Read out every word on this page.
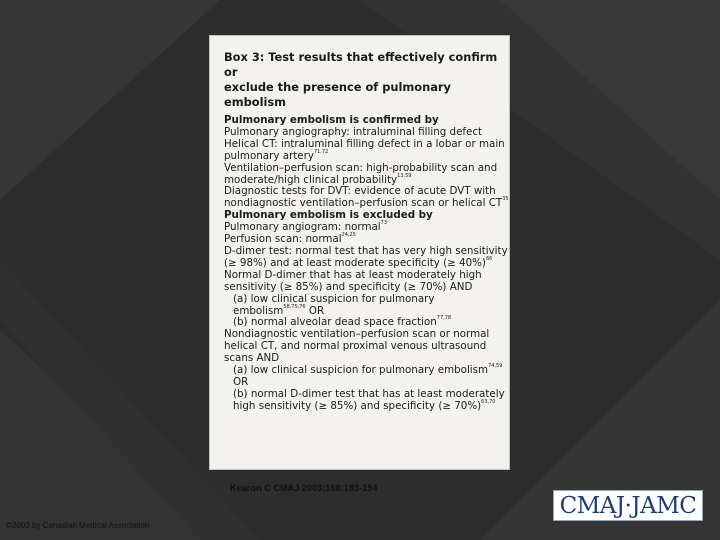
Box 3: Test results that effectively confirm or
exclude the presence of pulmonary embolism
Pulmonary embolism is confirmed by
Pulmonary angiography: intraluminal filling defect
Helical CT: intraluminal filling defect in a lobar or main
pulmonary artery$^{71,72}$
Ventilation–perfusion scan: high-probability scan and
moderate/high clinical probability$^{13,59}$
Diagnostic tests for DVT: evidence of acute DVT with
nondiagnostic ventilation–perfusion scan or helical CT$^{35}$
Pulmonary embolism is excluded by
Pulmonary angiogram: normal$^{73}$
Perfusion scan: normal$^{24,25}$
D-dimer test: normal test that has very high sensitivity
(≥ 98%) and at least moderate specificity (≥ 40%)$^{66}$
Normal D-dimer that has at least moderately high
sensitivity (≥ 85%) and specificity (≥ 70%) AND
(a) low clinical suspicion for pulmonary
embolism$^{58,75,76}$ OR
(b) normal alveolar dead space fraction$^{77,78}$
Nondiagnostic ventilation–perfusion scan or normal
helical CT, and normal proximal venous ultrasound
scans AND
(a) low clinical suspicion for pulmonary embolism$^{74,59}$
OR
(b) normal D-dimer test that has at least moderately
high sensitivity (≥ 85%) and specificity (≥ 70%)$^{63,70}$
Kearon C CMAJ 2003;168:183-194
©2003 by Canadian Medical Association
CMAJ·JAMC
